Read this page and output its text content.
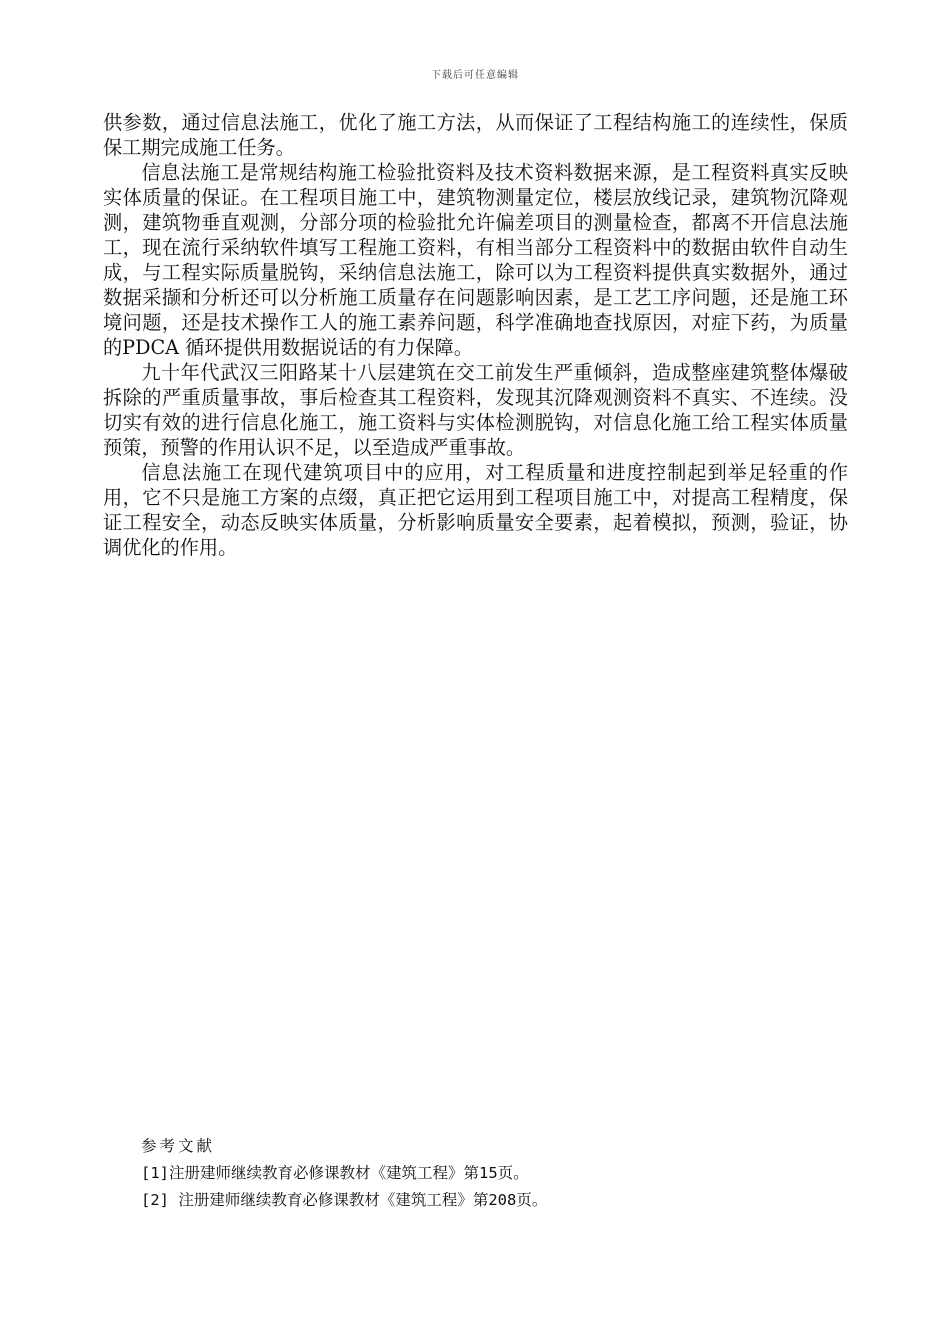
下载后可任意编辑

供参数，通过信息法施工，优化了施工方法，从而保证了工程结构施工的连续性，保质保工期完成施工任务。

信息法施工是常规结构施工检验批资料及技术资料数据来源，是工程资料真实反映实体质量的保证。在工程项目施工中，建筑物测量定位，楼层放线记录，建筑物沉降观测，建筑物垂直观测，分部分项的检验批允许偏差项目的测量检查，都离不开信息法施工，现在流行采纳软件填写工程施工资料，有相当部分工程资料中的数据由软件自动生成，与工程实际质量脱钩，采纳信息法施工，除可以为工程资料提供真实数据外，通过数据采撷和分析还可以分析施工质量存在问题影响因素，是工艺工序问题，还是施工环境问题，还是技术操作工人的施工素养问题，科学准确地查找原因，对症下药，为质量的PDCA 循环提供用数据说话的有力保障。

九十年代武汉三阳路某十八层建筑在交工前发生严重倾斜，造成整座建筑整体爆破拆除的严重质量事故，事后检查其工程资料，发现其沉降观测资料不真实、不连续。没切实有效的进行信息化施工，施工资料与实体检测脱钩，对信息化施工给工程实体质量预策，预警的作用认识不足，以至造成严重事故。

信息法施工在现代建筑项目中的应用，对工程质量和进度控制起到举足轻重的作用，它不只是施工方案的点缀，真正把它运用到工程项目施工中，对提高工程精度，保证工程安全，动态反映实体质量，分析影响质量安全要素，起着模拟，预测，验证，协调优化的作用。

参考文献
[1]注册建师继续教育必修课教材《建筑工程》第15页。
[2] 注册建师继续教育必修课教材《建筑工程》第208页。
